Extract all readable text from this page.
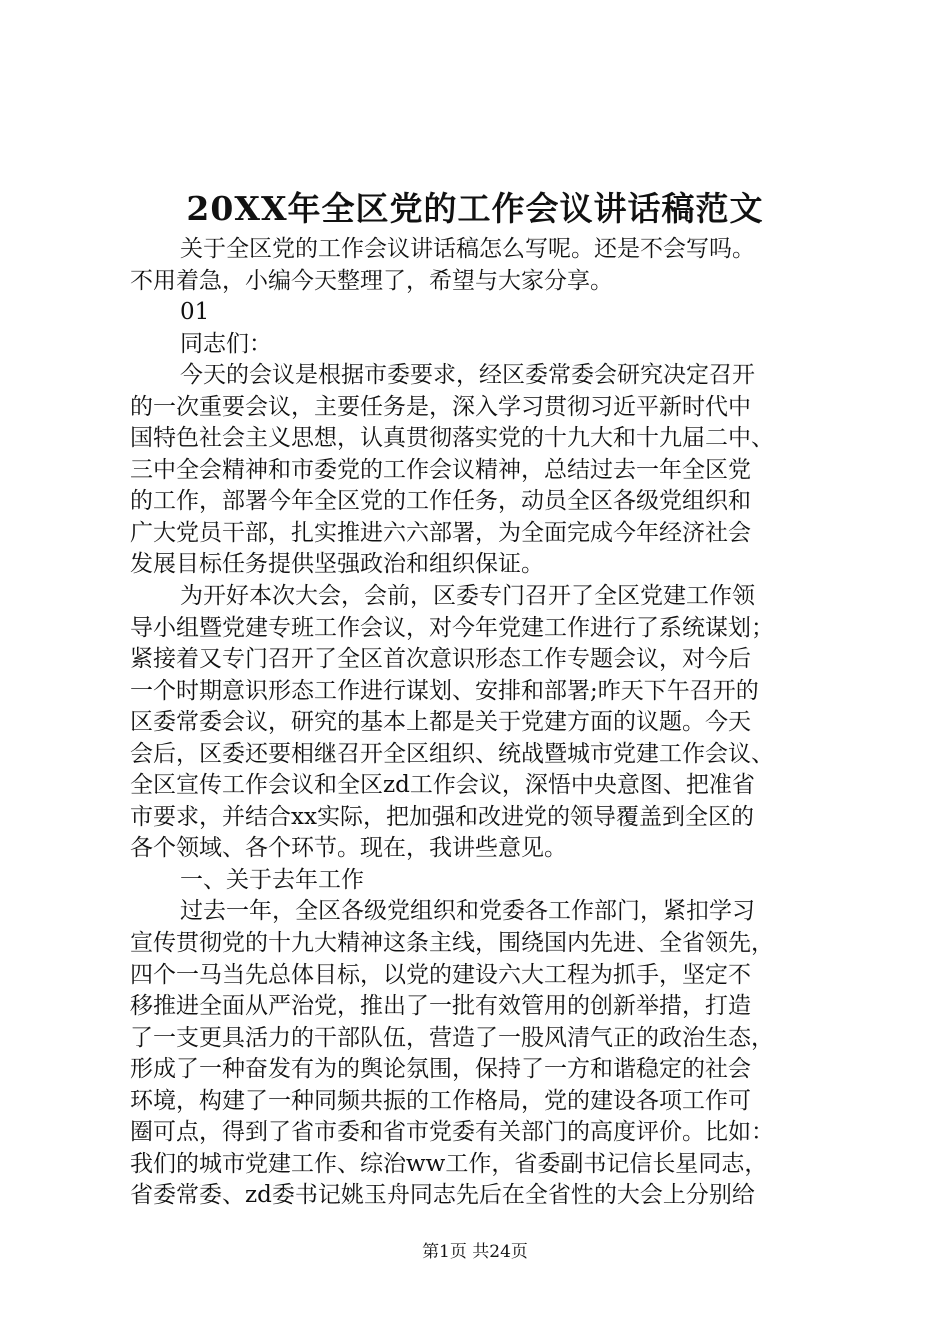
20XX年全区党的工作会议讲话稿范文
关于全区党的工作会议讲话稿怎么写呢。还是不会写吗。
不用着急，小编今天整理了，希望与大家分享。
01
同志们：
今天的会议是根据市委要求，经区委常委会研究决定召开
的一次重要会议，主要任务是，深入学习贯彻习近平新时代中
国特色社会主义思想，认真贯彻落实党的十九大和十九届二中、
三中全会精神和市委党的工作会议精神，总结过去一年全区党
的工作，部署今年全区党的工作任务，动员全区各级党组织和
广大党员干部，扎实推进六六部署，为全面完成今年经济社会
发展目标任务提供坚强政治和组织保证。
为开好本次大会，会前，区委专门召开了全区党建工作领
导小组暨党建专班工作会议，对今年党建工作进行了系统谋划；
紧接着又专门召开了全区首次意识形态工作专题会议，对今后
一个时期意识形态工作进行谋划、安排和部署;昨天下午召开的
区委常委会议，研究的基本上都是关于党建方面的议题。今天
会后，区委还要相继召开全区组织、统战暨城市党建工作会议、
全区宣传工作会议和全区zd工作会议，深悟中央意图、把准省
市要求，并结合xx实际，把加强和改进党的领导覆盖到全区的
各个领域、各个环节。现在，我讲些意见。
一、关于去年工作
过去一年，全区各级党组织和党委各工作部门，紧扣学习
宣传贯彻党的十九大精神这条主线，围绕国内先进、全省领先，
四个一马当先总体目标，以党的建设六大工程为抓手，坚定不
移推进全面从严治党，推出了一批有效管用的创新举措，打造
了一支更具活力的干部队伍，营造了一股风清气正的政治生态，
形成了一种奋发有为的舆论氛围，保持了一方和谐稳定的社会
环境，构建了一种同频共振的工作格局，党的建设各项工作可
圈可点，得到了省市委和省市党委有关部门的高度评价。比如：
我们的城市党建工作、综治ww工作，省委副书记信长星同志，
省委常委、zd委书记姚玉舟同志先后在全省性的大会上分别给
第1页 共24页
